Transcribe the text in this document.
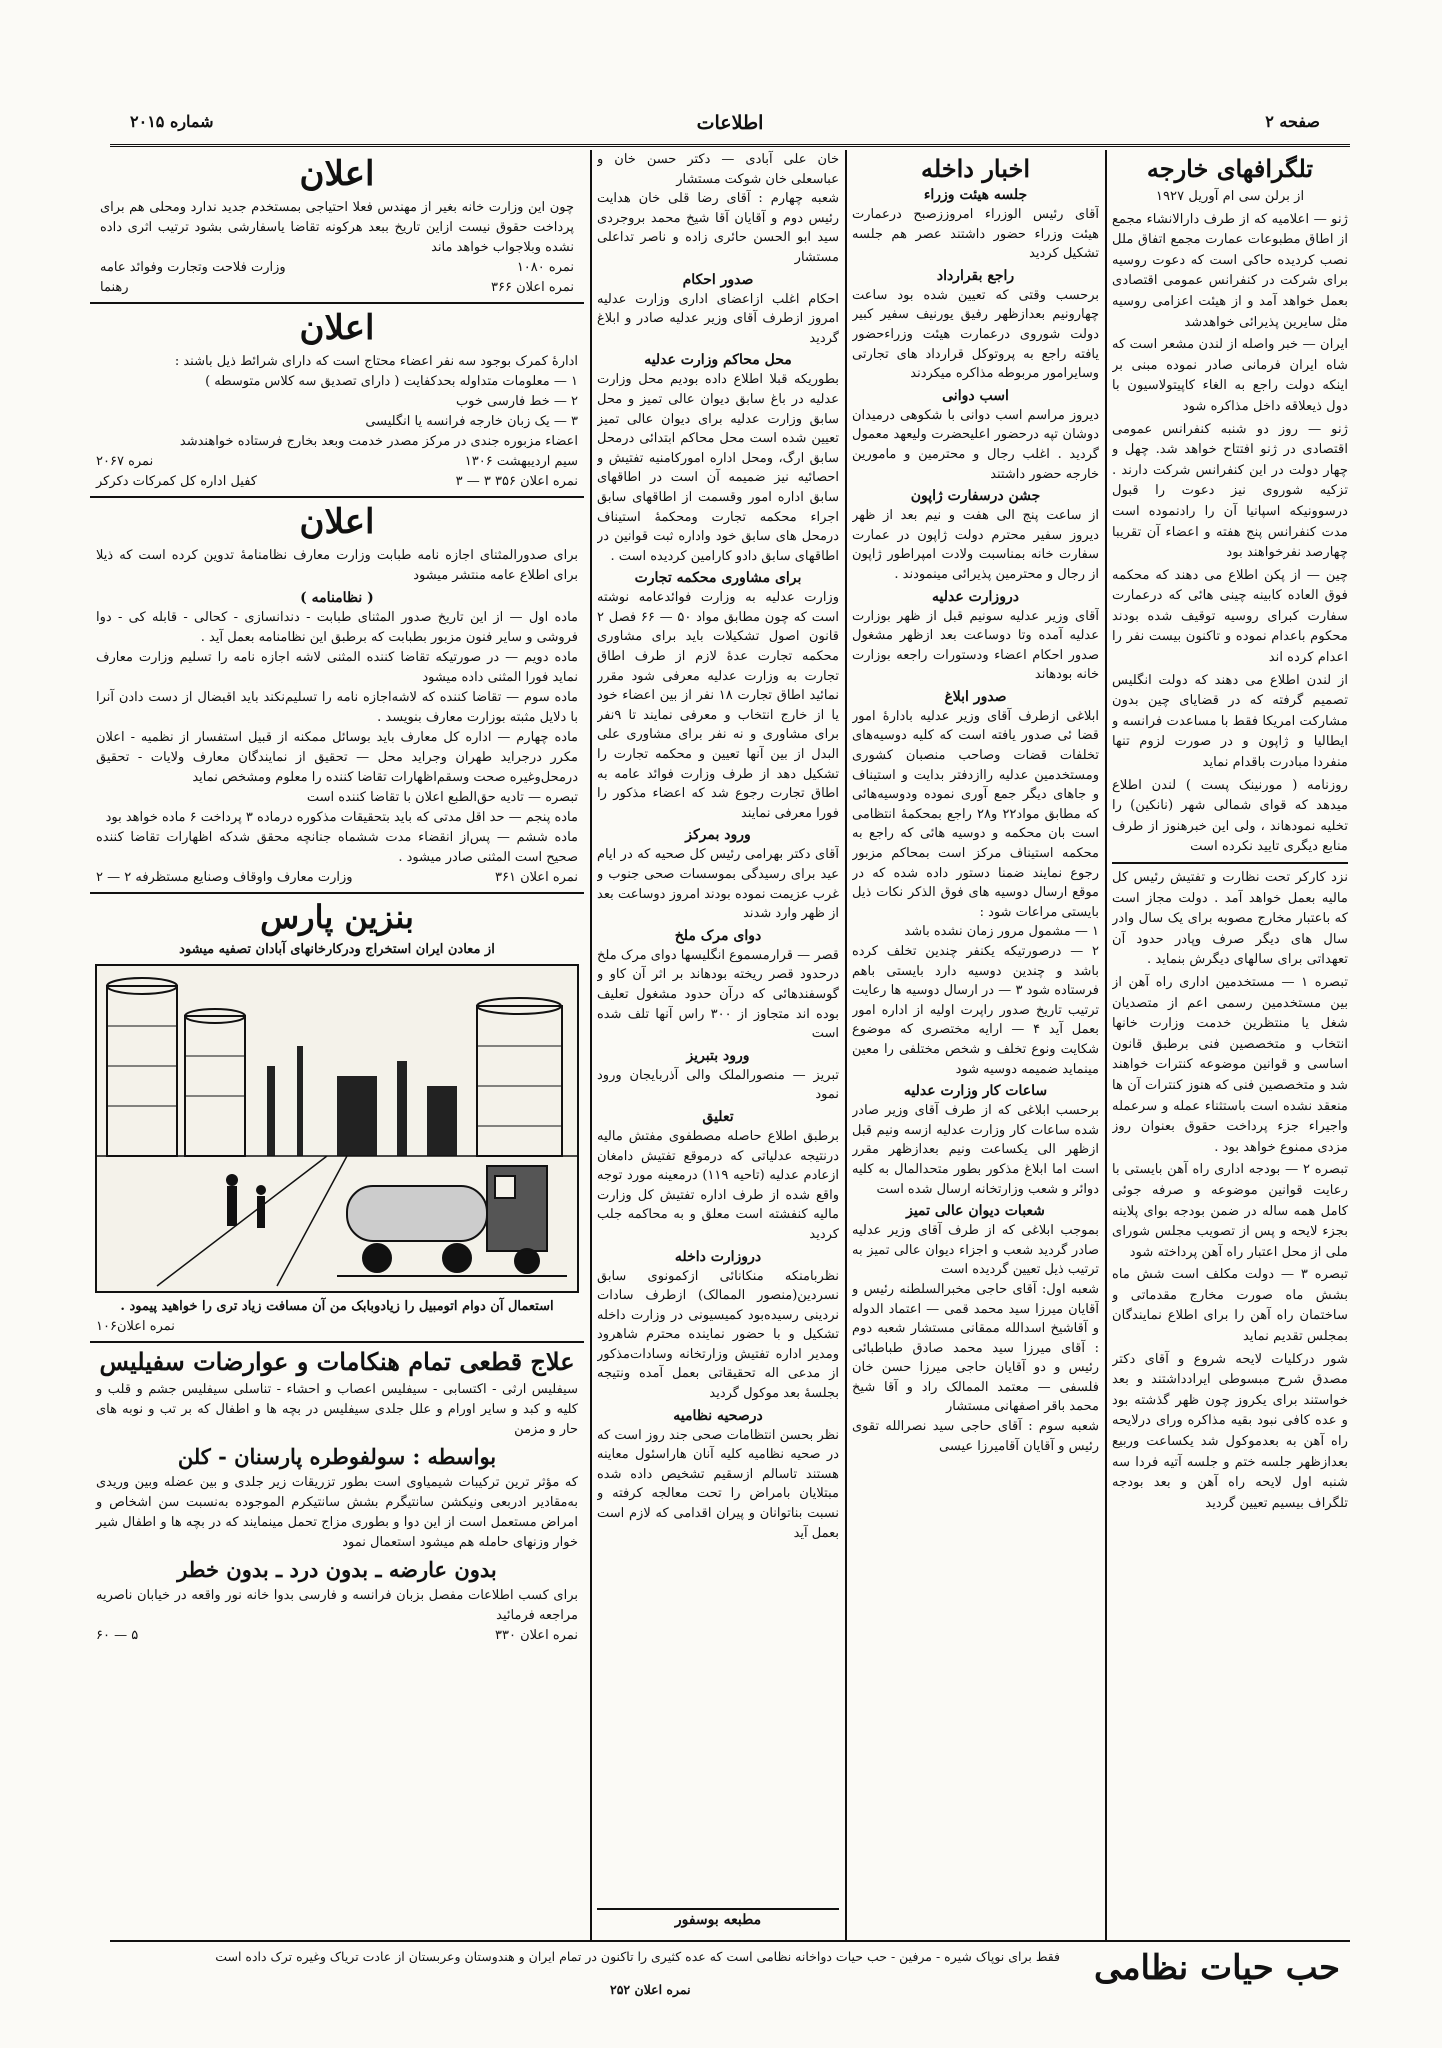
صفحه ۲
اطلاعات
شماره ۲۰۱۵
تلگرافهای خارجه
از برلن سی ام آوریل ۱۹۲۷

ژنو — اعلامیه که از طرف دارالانشاء مجمع از اطاق مطبوعات عمارت مجمع اتفاق ملل نصب کردیده حاکی است که دعوت روسیه برای شرکت در کنفرانس عمومی اقتصادی بعمل خواهد آمد و از هیئت اعزامی روسیه مثل سایرین پذیرائی خواهدشد

ایران — خبر واصله از لندن مشعر است که شاه ایران فرمانی صادر نموده مبنی بر اینکه دولت راجع به الغاء کاپیتولاسیون با دول ذیعلاقه داخل مذاکره شود

ژنو — روز دو شنبه کنفرانس عمومی اقتصادی در ژنو افتتاح خواهد شد. چهل و چهار دولت در این کنفرانس شرکت دارند . تزکیه شوروی نیز دعوت را قبول درسوونیکه اسپانیا آن را رادنموده است مدت کنفرانس پنج هفته و اعضاء آن تقریبا چهارصد نفرخواهند بود

چین — از پکن اطلاع می دهند که محکمه فوق العاده کابینه چینی هائی که درعمارت سفارت کبرای روسیه توقیف شده بودند محکوم باعدام نموده و تاکنون بیست نفر را اعدام کرده اند

از لندن اطلاع می دهند که دولت انگلیس تصمیم گرفته که در قضایای چین بدون مشارکت امریکا فقط با مساعدت فرانسه و ایطالیا و ژاپون و در صورت لزوم تنها منفردا مبادرت باقدام نماید

روزنامه ( مورنینک پست ) لندن اطلاع میدهد که قوای شمالی شهر (نانکین) را تخلیه نمودهاند ، ولی این خبرهنوز از طرف منابع دیگری تایید نکرده است

نزد کارکر تحت نظارت و تفتیش رئیس کل مالیه بعمل خواهد آمد . دولت مجاز است که باعتبار مخارج مصوبه برای یک سال وادر سال های دیگر صرف وپادر حدود آن تعهداتی برای سالهای دیگرش بنماید .

تبصره ۱ — مستخدمین اداری راه آهن از بین مستخدمین رسمی اعم از متصدیان شغل یا منتظرین خدمت وزارت خانها انتخاب و متخصصین فنی برطبق قانون اساسی و قوانین موضوعه کنترات خواهند شد و متخصصین فنی که هنوز کنترات آن ها منعقد نشده است باستثناء عمله و سرعمله واجیراء جزء پرداخت حقوق بعنوان روز مزدی ممنوع خواهد بود .

تبصره ۲ — بودجه اداری راه آهن بایستی با رعایت قوانین موضوعه و صرفه جوئی کامل همه ساله در ضمن بودجه بوای پلاینه بجزء لایحه و پس از تصویب مجلس شورای ملی از محل اعتبار راه آهن پرداخته شود

تبصره ۳ — دولت مکلف است شش ماه بشش ماه صورت مخارج مقدماتی و ساختمان راه آهن را برای اطلاع نمایندگان بمجلس تقدیم نماید

شور درکلیات لایحه شروع و آقای دکتر مصدق شرح مبسوطی ایرادداشتند و بعد خواستند برای یکروز چون ظهر گذشته بود و عده کافی نبود بقیه مذاکره ورای درلایحه راه آهن به بعدموکول شد یکساعت وربیع بعدازظهر جلسه ختم و جلسه آتیه فردا سه شنبه اول لایحه راه آهن و بعد بودجه تلگراف بیسیم تعیین گردید

اخبار داخله
جلسه هیئت وزراء

آقای رئیس الوزراء امروززصبح درعمارت هیئت وزراء حضور داشتند عصر هم جلسه تشکیل کردید

راجع بقرارداد

برحسب وقتی که تعیین شده بود ساعت چهارونیم بعدازظهر رفیق یورنیف سفیر کبیر دولت شوروی درعمارت هیئت وزراءحضور یافته راجع به پروتوکل قرارداد های تجارتی وسایرامور مربوطه مذاکره میکردند

اسب دوانی

دیروز مراسم اسب دوانی با شکوهی درمیدان دوشان تپه درحضور اعلیحضرت ولیعهد معمول گردید . اغلب رجال و محترمین و مامورین خارجه حضور داشتند

جشن درسفارت ژاپون

از ساعت پنج الی هفت و نیم بعد از ظهر دیروز سفیر محترم دولت ژاپون در عمارت سفارت خانه بمناسبت ولادت امپراطور ژاپون از رجال و محترمین پذیرائی مینمودند .

دروزارت عدلیه

آقای وزیر عدلیه سونیم قبل از ظهر بوزارت عدلیه آمده وتا دوساعت بعد ازظهر مشغول صدور احکام اعضاء ودستورات راجعه بوزارت خانه بودهاند

صدور ابلاغ

ابلاغی ازطرف آقای وزیر عدلیه بادارهٔ امور قضا ئی صدور یافته است که کلیه دوسیه‌های تخلفات قضات وصاحب منصبان کشوری ومستخدمین عدلیه راازدفتر بدایت و استیناف و جاهای دیگر جمع آوری نموده ودوسیه‌هائی که مطابق مواد۲۲ و۲۸ راجع بمحکمهٔ انتظامی است بان محکمه و دوسیه هائی که راجع به محکمه استیناف مرکز است بمحاکم مزبور رجوع نمایند ضمنا دستور داده شده که در موقع ارسال دوسیه های فوق الذکر نکات ذیل بایستی مراعات شود :

۱ — مشمول مرور زمان نشده باشد

۲ — درصورتیکه یکنفر چندین تخلف کرده باشد و چندین دوسیه دارد بایستی باهم فرستاده شود ۳ — در ارسال دوسیه ها رعایت ترتیب تاریخ صدور راپرت اولیه از اداره امور بعمل آید ۴ — ارایه مختصری که موضوع شکایت ونوع تخلف و شخص مختلفی را معین مینماید ضمیمه دوسیه شود

ساعات کار وزارت عدلیه

برحسب ابلاغی که از طرف آقای وزیر صادر شده ساعات کار وزارت عدلیه ازسه ونیم قبل ازظهر الی یکساعت ونیم بعدازظهر مقرر است اما ابلاغ مذکور بطور متحدالمال به کلیه دوائر و شعب وزارتخانه ارسال شده است

شعبات دیوان عالی تمیز

بموجب ابلاغی که از طرف آقای وزیر عدلیه صادر گردید شعب و اجزاء دیوان عالی تمیز به ترتیب ذیل تعیین گردیده است

شعبه اول: آقای حاجی مخبرالسلطنه رئیس و آقایان میرزا سید محمد قمی — اعتماد الدوله و آقاشیخ اسدالله ممقانی مستشار شعبه دوم : آقای میرزا سید محمد صادق طباطبائی رئیس و دو آقایان حاجی میرزا حسن خان فلسفی — معتمد الممالک راد و آقا شیخ محمد باقر اصفهانی مستشار

شعبه سوم : آقای حاجی سید نصرالله تقوی رئیس و آقایان آقامیرزا عیسی

خان علی آبادی — دکتر حسن خان و عباسعلی خان شوکت مستشار

شعبه چهارم : آقای رضا قلی خان هدایت رئیس دوم و آقایان آقا شیخ محمد بروجردی سید ابو الحسن حائری زاده و ناصر تداعلی مستشار

صدور احکام

احکام اغلب ازاعضای اداری وزارت عدلیه امروز ازطرف آقای وزیر عدلیه صادر و ابلاغ گردید

محل محاکم وزارت عدلیه

بطوریکه قبلا اطلاع داده بودیم محل وزارت عدلیه در باغ سابق دیوان عالی تمیز و محل سابق وزارت عدلیه برای دیوان عالی تمیز تعیین شده است محل محاکم ابتدائی درمحل سابق ارگ، ومحل اداره امورکامنیه تفتیش و احصائیه نیز ضمیمه آن است در اطاقهای سابق اداره امور وقسمت از اطاقهای سابق اجراء محکمه تجارت ومحکمهٔ استیناف درمحل های سابق خود واداره ثبت قوانین در اطاقهای سابق دادو کارامین کردیده است .

برای مشاوری محکمه تجارت

وزارت عدلیه به وزارت فوائدعامه نوشته است که چون مطابق مواد ۵۰ — ۶۶ فصل ۲ قانون اصول تشکیلات باید برای مشاوری محکمه تجارت عدهٔ لازم از طرف اطاق تجارت به وزارت عدلیه معرفی شود مقرر نمائید اطاق تجارت ۱۸ نفر از بین اعضاء خود یا از خارج انتخاب و معرفی نمایند تا ۹نفر برای مشاوری و نه نفر برای مشاوری علی البدل از بین آنها تعیین و محکمه تجارت را تشکیل دهد از طرف وزارت فوائد عامه به اطاق تجارت رجوع شد که اعضاء مذکور را فورا معرفی نمایند

ورود بمرکز

آقای دکتر بهرامی رئیس کل صحیه که در ایام عید برای رسیدگی بموسسات صحی جنوب و غرب عزیمت نموده بودند امروز دوساعت بعد از ظهر وارد شدند

دوای مرک ملخ

قصر — قرارمسموع انگلیسها دوای مرک ملخ درحدود قصر ریخته بودهاند بر اثر آن کاو و گوسفندهائی که درآن حدود مشغول تعلیف بوده اند متجاوز از ۳۰۰ راس آنها تلف شده است

ورود بتبریز

تبریز — منصورالملک والی آذربایجان ورود نمود

تعلیق

برطبق اطلاع حاصله مصطفوی مفتش مالیه درنتیجه عدلیاتی که درموقع تفتیش دامغان ازعادم عدلیه (تاحیه ۱۱۹) درمعینه مورد توجه واقع شده از طرف اداره تفتیش کل وزارت مالیه کنفشته است معلق و به محاکمه جلب کردید

دروزارت داخله

نظربامنکه منکانائی ازکمونوی سابق نسردین(منصور الممالک) ازطرف سادات نردینی رسیده‌بود کمیسیونی در وزارت داخله تشکیل و با حضور نماینده محترم شاهرود ومدیر اداره تفتیش وزارتخانه وسادات‌مذکور از مدعی اله تحقیقاتی بعمل آمده ونتیجه بجلسهٔ بعد موکول گردید

درصحیه نظامیه

نظر بحسن انتظامات صحی جند روز است که در صحیه نظامیه کلیه آنان هاراسئول معاینه هستند تاسالم ازسقیم تشخیص داده شده مبتلایان بامراض را تحت معالجه کرفته و نسبت بناتوانان و پیران اقدامی که لازم است بعمل آید

مطبعه بوسفور
اعلان

چون این وزارت خانه بغیر از مهندس فعلا احتیاجی بمستخدم جدید ندارد ومحلی هم برای پرداخت حقوق نیست ازاین تاریخ ببعد هرکونه تقاضا یاسفارشی بشود ترتیب اثری داده نشده وبلاجواب خواهد ماند

نمره ۱۰۸۰
وزارت فلاحت وتجارت وفوائد عامه
نمره اعلان ۳۶۶
رهنما
اعلان

ادارهٔ کمرک بوجود سه نفر اعضاء محتاج است که دارای شرائط ذیل باشند :

۱ — معلومات متداوله بحدکفایت ( دارای تصدیق سه کلاس متوسطه )

۲ — خط فارسی خوب

۳ — یک زبان خارجه فرانسه یا انگلیسی

اعضاء مزبوره جندی در مرکز مصدر خدمت وبعد بخارج فرستاده خواهندشد

سیم اردیبهشت ۱۳۰۶
نمره ۲۰۶۷
نمره اعلان ۳۵۶ ۳ — ۳
کفیل اداره کل کمرکات دکرکر
اعلان

برای صدورالمثنای اجازه نامه طبابت وزارت معارف نظامنامهٔ تدوین کرده است که ذیلا برای اطلاع عامه منتشر میشود

( نظامنامه )

ماده اول — از این تاریخ صدور المثنای طبابت - دندانسازی - کحالی - قابله کی - دوا فروشی و سایر فنون مزبور بطبابت که برطبق این نظامنامه بعمل آید .

ماده دویم — در صورتیکه تقاضا کننده المثنی لاشه اجازه نامه را تسلیم وزارت معارف نماید فورا المثنی داده میشود

ماده سوم — تقاضا کننده که لاشه‌اجازه نامه را تسلیم‌نکند باید اقبضال از دست دادن آنرا با دلایل مثبته بوزارت معارف بنویسد .

ماده چهارم — اداره کل معارف باید بوسائل ممکنه از قبیل استفسار از نظمیه - اعلان مکرر درجراید طهران وجراید محل — تحقیق از نمایندگان معارف ولایات - تحقیق درمحل‌وغیره صحت وسقم‌اظهارات تقاضا کننده را معلوم ومشخص نماید

تبصره — تادیه حق‌الطبع اعلان با تقاضا کننده است

ماده پنجم — حد اقل مدتی که باید بتحقیقات مذکوره درماده ۳ پرداخت ۶ ماده خواهد بود

ماده ششم — پس‌از انقضاء مدت ششماه جنانچه محقق شدکه اظهارات تقاضا کننده صحیح است المثنی صادر میشود .

نمره اعلان ۳۶۱
وزارت معارف واوقاف وصنایع مستظرفه ۲ — ۲
بنزین پارس

از معادن ایران استخراج ودرکارخانهای آبادان تصفیه میشود

استعمال آن دوام اتومبیل را زیادوبابک من آن مسافت زیاد تری را خواهید پیمود .

نمره اعلان۱۰۶

علاج قطعی تمام هنکامات و عوارضات سفیلیس

سیفلیس ارثی - اکتسابی - سیفلیس اعصاب و احشاء - تناسلی سیفلیس جشم و قلب و کلیه و کبد و سایر اورام و علل جلدی سیفلیس در بچه ها و اطفال که بر تب و نوبه های حار و مزمن

بواسطه : سولفوطره پارسنان - کلن

که مؤثر ترین ترکیبات شیمیاوی است بطور تزریقات زیر جلدی و بین عضله وبین وریدی به‌مقادیر ادربعی ونیکشن سانتیگرم بشش سانتیکرم الموجوده به‌نسبت سن اشخاص و امراض مستعمل است از این دوا و بطوری مزاج تحمل مینمایند که در بچه ها و اطفال شیر خوار وزنهای حامله هم میشود استعمال نمود

بدون عارضه ـ بدون درد ـ بدون خطر

برای کسب اطلاعات مفصل بزبان فرانسه و فارسی بدوا خانه نور واقعه در خیابان ناصریه مراجعه فرمائید

نمره اعلان ۳۳۰
۵ — ۶۰
حب حیات نظامی
فقط برای نوپاک شیره - مرفین - حب حیات دواخانه نظامی است که عده کثیری را تاکنون در تمام ایران و هندوستان وعربستان از عادت تریاک وغیره ترک داده است
نمره اعلان ۲۵۲
